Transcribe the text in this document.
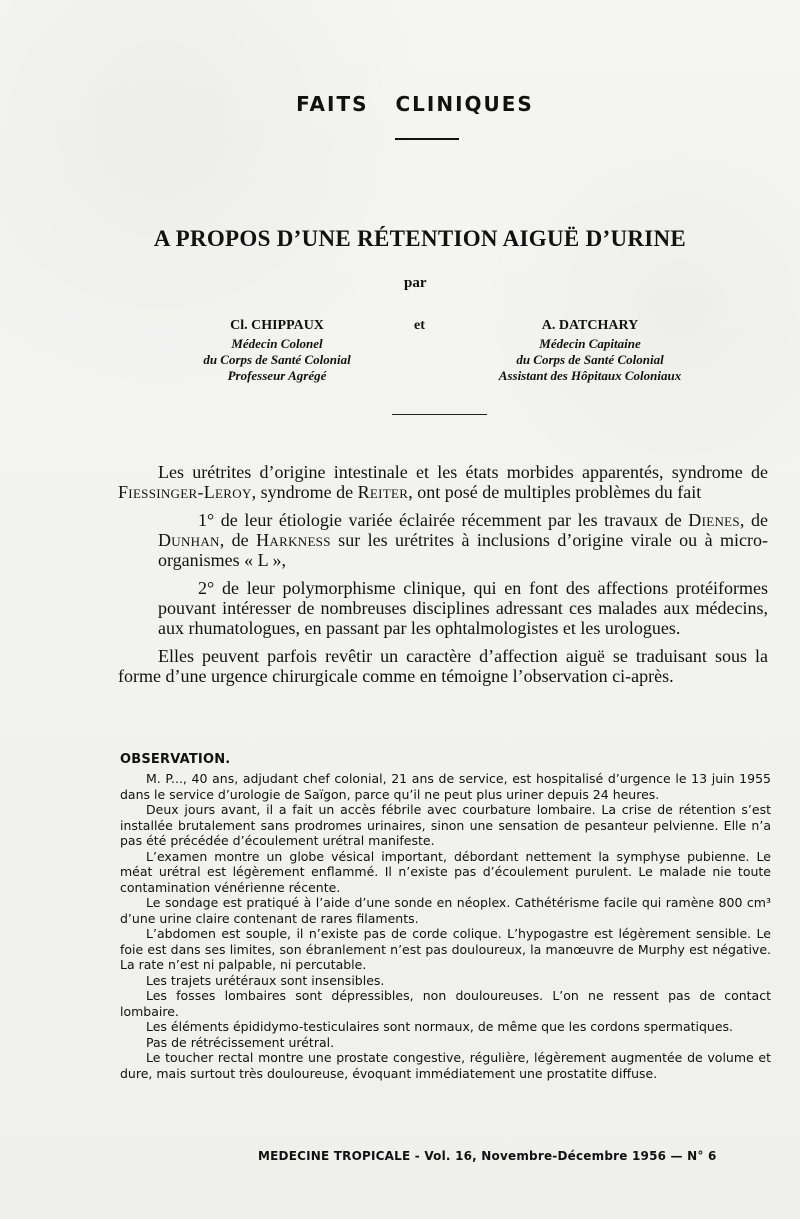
FAITS CLINIQUES
A PROPOS D’UNE RÉTENTION AIGUË D’URINE
par
Cl. CHIPPAUX
Médecin Colonel
du Corps de Santé Colonial
Professeur Agrégé
et	A. DATCHARY
Médecin Capitaine
du Corps de Santé Colonial
Assistant des Hôpitaux Coloniaux

Les urétrites d’origine intestinale et les états morbides apparentés, syndrome de Fiessinger-Leroy, syndrome de Reiter, ont posé de multiples problèmes du fait

1° de leur étiologie variée éclairée récemment par les travaux de Dienes, de Dunhan, de Harkness sur les urétrites à inclusions d’origine virale ou à micro-organismes « L »,

2° de leur polymorphisme clinique, qui en font des affections protéiformes pouvant intéresser de nombreuses disciplines adressant ces malades aux médecins, aux rhumatologues, en passant par les ophtalmologistes et les urologues.

Elles peuvent parfois revêtir un caractère d’affection aiguë se traduisant sous la forme d’une urgence chirurgicale comme en témoigne l’observation ci-après.

OBSERVATION.

M. P..., 40 ans, adjudant chef colonial, 21 ans de service, est hospitalisé d’urgence le 13 juin 1955 dans le service d’urologie de Saïgon, parce qu’il ne peut plus uriner depuis 24 heures.

Deux jours avant, il a fait un accès fébrile avec courbature lombaire. La crise de rétention s’est installée brutalement sans prodromes urinaires, sinon une sensation de pesanteur pelvienne. Elle n’a pas été précédée d’écoulement urétral manifeste.

L’examen montre un globe vésical important, débordant nettement la symphyse pubienne. Le méat urétral est légèrement enflammé. Il n’existe pas d’écoulement purulent. Le malade nie toute contamination vénérienne récente.

Le sondage est pratiqué à l’aide d’une sonde en néoplex. Cathétérisme facile qui ramène 800 cm³ d’une urine claire contenant de rares filaments.

L’abdomen est souple, il n’existe pas de corde colique. L’hypogastre est légèrement sensible. Le foie est dans ses limites, son ébranlement n’est pas douloureux, la manœuvre de Murphy est négative. La rate n’est ni palpable, ni percutable.

Les trajets urétéraux sont insensibles.

Les fosses lombaires sont dépressibles, non douloureuses. L’on ne ressent pas de contact lombaire.

Les éléments épididymo-testiculaires sont normaux, de même que les cordons spermatiques.

Pas de rétrécissement urétral.

Le toucher rectal montre une prostate congestive, régulière, légèrement augmentée de volume et dure, mais surtout très douloureuse, évoquant immédiatement une prostatite diffuse.

MEDECINE TROPICALE - Vol. 16, Novembre-Décembre 1956 — N° 6
